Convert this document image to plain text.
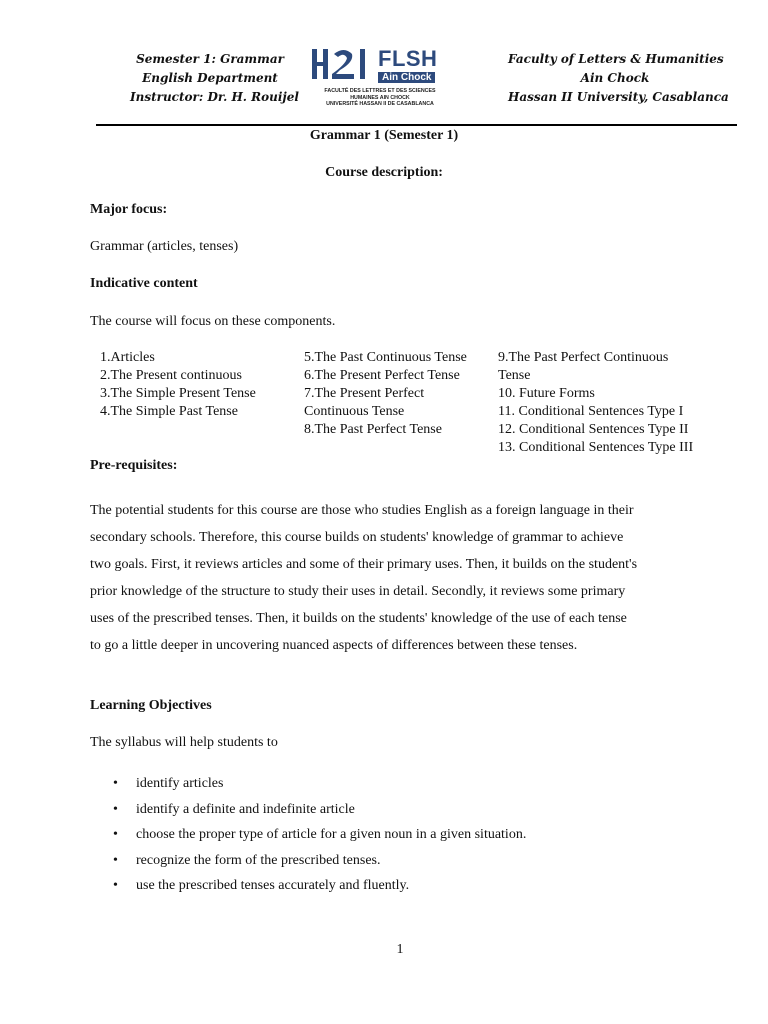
Semester 1: Grammar
English Department
Instructor: Dr. H. Rouijel
FLSH
Ain Chock
FACULTÉ DES LETTRES ET DES SCIENCES
HUMAINES AIN CHOCK
UNIVERSITÉ HASSAN II DE CASABLANCA
Faculty of Letters & Humanities
Ain Chock
Hassan II University, Casablanca
Grammar 1 (Semester 1)
Course description:
Major focus:
Grammar (articles, tenses)
Indicative content
The course will focus on these components.
1.Articles
2.The Present continuous
3.The Simple Present Tense
4.The Simple Past Tense
5.The Past Continuous Tense
6.The Present Perfect Tense
7.The Present Perfect
Continuous Tense
8.The Past Perfect Tense
9.The Past Perfect Continuous
Tense
10. Future Forms
11. Conditional Sentences Type I
12. Conditional Sentences Type II
13. Conditional Sentences Type III
Pre-requisites:
The potential students for this course are those who studies English as a foreign language in their
secondary schools. Therefore, this course builds on students' knowledge of grammar to achieve
two goals. First, it reviews articles and some of their primary uses. Then, it builds on the student's
prior knowledge of the structure to study their uses in detail. Secondly, it reviews some primary
uses of the prescribed tenses. Then, it builds on the students' knowledge of the use of each tense
to go a little deeper in uncovering nuanced aspects of differences between these tenses.
Learning Objectives
The syllabus will help students to
• identify articles
• identify a definite and indefinite article
• choose the proper type of article for a given noun in a given situation.
• recognize the form of the prescribed tenses.
• use the prescribed tenses accurately and fluently.
1
